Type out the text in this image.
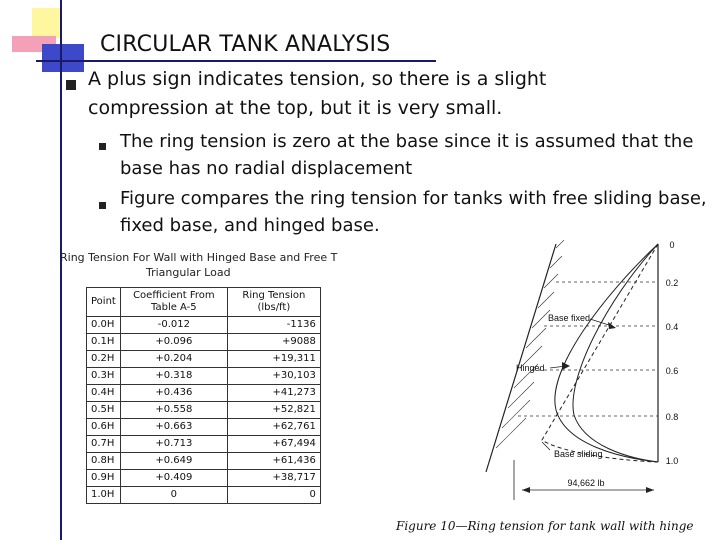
CIRCULAR TANK ANALYSIS
A plus sign indicates tension, so there is a slight compression at the top, but it is very small.
The ring tension is zero at the base since it is assumed that the base has no radial displacement
Figure compares the ring tension for tanks with free sliding base, fixed base, and hinged base.
Ring Tension For Wall with Hinged Base and Free T
Triangular Load
Point	Coefficient From Table A-5	Ring Tension (lbs/ft)
0.0H	-0.012	-1136
0.1H	+0.096	+9088
0.2H	+0.204	+19,311
0.3H	+0.318	+30,103
0.4H	+0.436	+41,273
0.5H	+0.558	+52,821
0.6H	+0.663	+62,761
0.7H	+0.713	+67,494
0.8H	+0.649	+61,436
0.9H	+0.409	+38,717
1.0H	0	0
0
0.2
0.4
0.6
0.8
1.0
Base fixed
Hinged
Base sliding
94,662 lb
Figure 10—Ring tension for tank wall with hinge
